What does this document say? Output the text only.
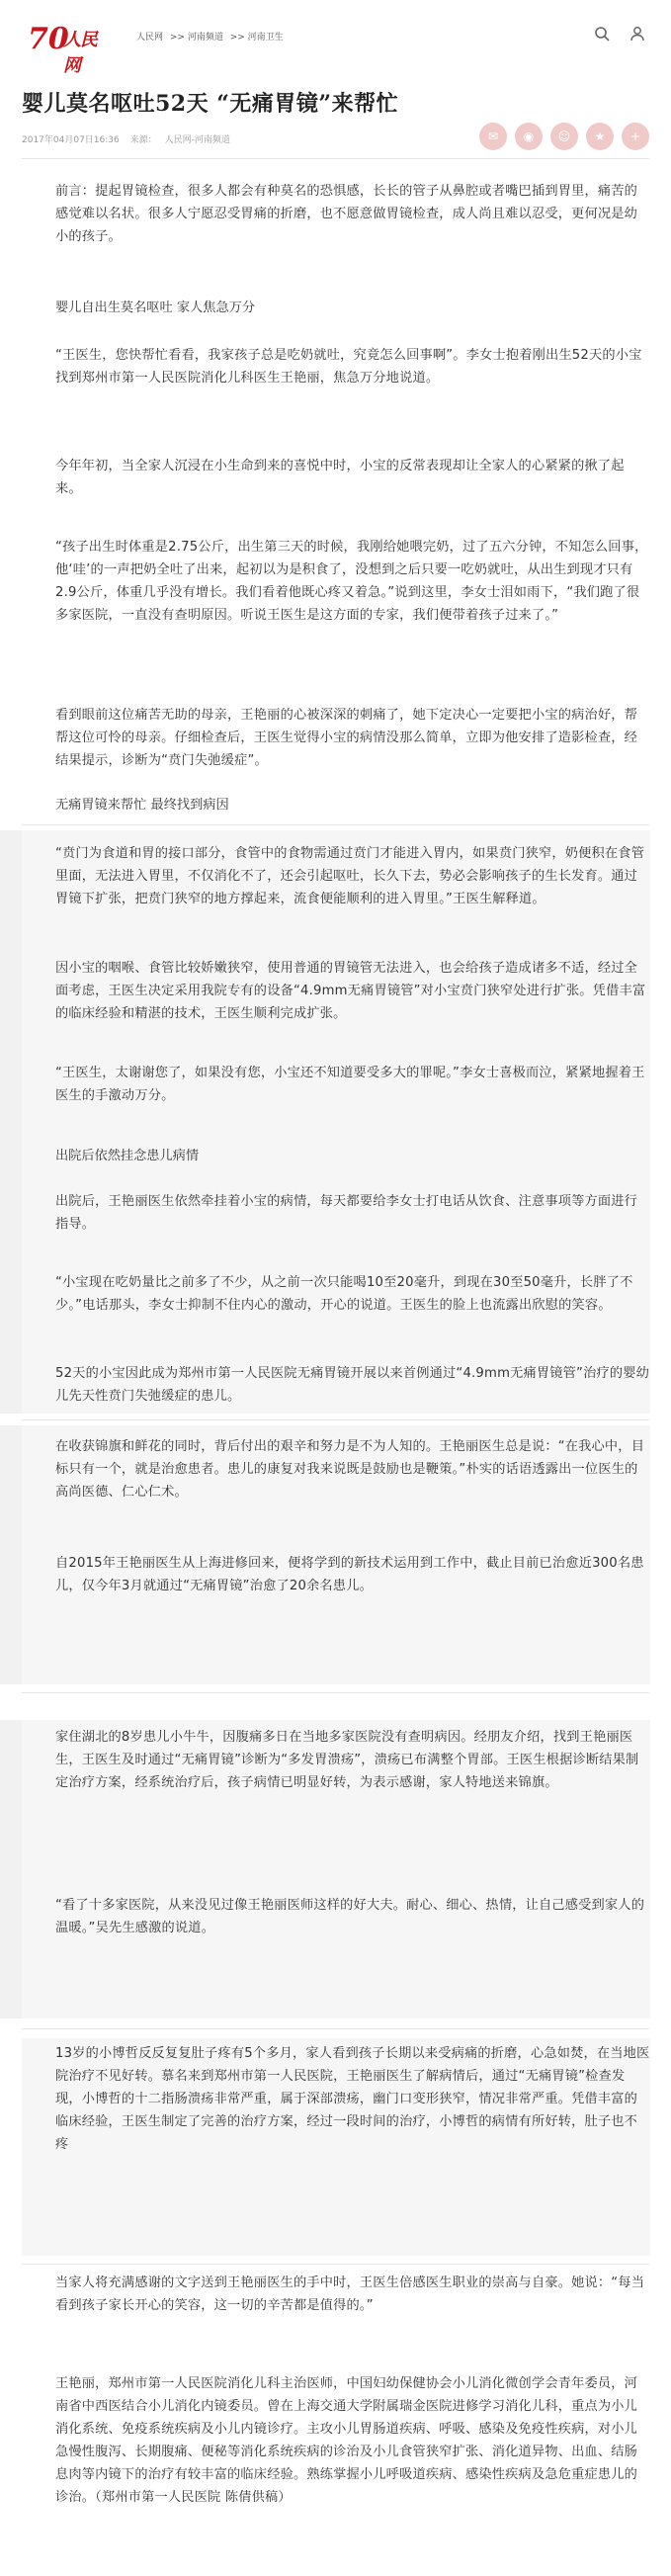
70
人民网
人民网 >> 河南频道 >> 河南卫生
婴儿莫名呕吐52天 “无痛胃镜”来帮忙
2017年04月07日16:36 来源： 人民网-河南频道	✉	◉	☺	★	+

前言：提起胃镜检查，很多人都会有种莫名的恐惧感，长长的管子从鼻腔或者嘴巴插到胃里，痛苦的感觉难以名状。很多人宁愿忍受胃痛的折磨，也不愿意做胃镜检查，成人尚且难以忍受，更何况是幼小的孩子。

婴儿自出生莫名呕吐 家人焦急万分

“王医生，您快帮忙看看，我家孩子总是吃奶就吐，究竟怎么回事啊”。李女士抱着刚出生52天的小宝找到郑州市第一人民医院消化儿科医生王艳丽，焦急万分地说道。

今年年初，当全家人沉浸在小生命到来的喜悦中时，小宝的反常表现却让全家人的心紧紧的揪了起来。

“孩子出生时体重是2.75公斤，出生第三天的时候，我刚给她喂完奶，过了五六分钟，不知怎么回事，他‘哇’的一声把奶全吐了出来，起初以为是积食了，没想到之后只要一吃奶就吐，从出生到现才只有2.9公斤，体重几乎没有增长。我们看着他既心疼又着急。”说到这里，李女士泪如雨下，“我们跑了很多家医院，一直没有查明原因。听说王医生是这方面的专家，我们便带着孩子过来了。”

看到眼前这位痛苦无助的母亲，王艳丽的心被深深的刺痛了，她下定决心一定要把小宝的病治好，帮帮这位可怜的母亲。仔细检查后，王医生觉得小宝的病情没那么简单，立即为他安排了造影检查，经结果提示，诊断为“贲门失弛缓症”。

无痛胃镜来帮忙 最终找到病因

“贲门为食道和胃的接口部分，食管中的食物需通过贲门才能进入胃内，如果贲门狭窄，奶便积在食管里面，无法进入胃里，不仅消化不了，还会引起呕吐，长久下去，势必会影响孩子的生长发育。通过胃镜下扩张，把贲门狭窄的地方撑起来，流食便能顺利的进入胃里。”王医生解释道。

因小宝的咽喉、食管比较娇嫩狭窄，使用普通的胃镜管无法进入，也会给孩子造成诸多不适，经过全面考虑，王医生决定采用我院专有的设备“4.9mm无痛胃镜管”对小宝贲门狭窄处进行扩张。凭借丰富的临床经验和精湛的技术，王医生顺利完成扩张。

“王医生，太谢谢您了，如果没有您，小宝还不知道要受多大的罪呢。”李女士喜极而泣，紧紧地握着王医生的手激动万分。

出院后依然挂念患儿病情

出院后，王艳丽医生依然牵挂着小宝的病情，每天都要给李女士打电话从饮食、注意事项等方面进行指导。

“小宝现在吃奶量比之前多了不少，从之前一次只能喝10至20毫升，到现在30至50毫升，长胖了不少。”电话那头，李女士抑制不住内心的激动，开心的说道。王医生的脸上也流露出欣慰的笑容。

52天的小宝因此成为郑州市第一人民医院无痛胃镜开展以来首例通过“4.9mm无痛胃镜管”治疗的婴幼儿先天性贲门失弛缓症的患儿。

在收获锦旗和鲜花的同时，背后付出的艰辛和努力是不为人知的。王艳丽医生总是说：“在我心中，目标只有一个，就是治愈患者。患儿的康复对我来说既是鼓励也是鞭策。”朴实的话语透露出一位医生的高尚医德、仁心仁术。

自2015年王艳丽医生从上海进修回来，便将学到的新技术运用到工作中，截止目前已治愈近300名患儿，仅今年3月就通过“无痛胃镜”治愈了20余名患儿。

家住湖北的8岁患儿小牛牛，因腹痛多日在当地多家医院没有查明病因。经朋友介绍，找到王艳丽医生，王医生及时通过“无痛胃镜”诊断为“多发胃溃疡”，溃疡已布满整个胃部。王医生根据诊断结果制定治疗方案，经系统治疗后，孩子病情已明显好转，为表示感谢，家人特地送来锦旗。

“看了十多家医院，从来没见过像王艳丽医师这样的好大夫。耐心、细心、热情，让自己感受到家人的温暖。”吴先生感激的说道。

13岁的小博哲反反复复肚子疼有5个多月，家人看到孩子长期以来受病痛的折磨，心急如焚，在当地医院治疗不见好转。慕名来到郑州市第一人民医院，王艳丽医生了解病情后，通过“无痛胃镜”检查发现，小博哲的十二指肠溃疡非常严重，属于深部溃疡，幽门口变形狭窄，情况非常严重。凭借丰富的临床经验，王医生制定了完善的治疗方案，经过一段时间的治疗，小博哲的病情有所好转，肚子也不疼

当家人将充满感谢的文字送到王艳丽医生的手中时，王医生倍感医生职业的崇高与自豪。她说：“每当看到孩子家长开心的笑容，这一切的辛苦都是值得的。”

王艳丽，郑州市第一人民医院消化儿科主治医师，中国妇幼保健协会小儿消化微创学会青年委员，河南省中西医结合小儿消化内镜委员。曾在上海交通大学附属瑞金医院进修学习消化儿科，重点为小儿消化系统、免疫系统疾病及小儿内镜诊疗。主攻小儿胃肠道疾病、呼吸、感染及免疫性疾病，对小儿急慢性腹泻、长期腹痛、便秘等消化系统疾病的诊治及小儿食管狭窄扩张、消化道异物、出血、结肠息肉等内镜下的治疗有较丰富的临床经验。熟练掌握小儿呼吸道疾病、感染性疾病及急危重症患儿的诊治。（郑州市第一人民医院 陈倩供稿）
